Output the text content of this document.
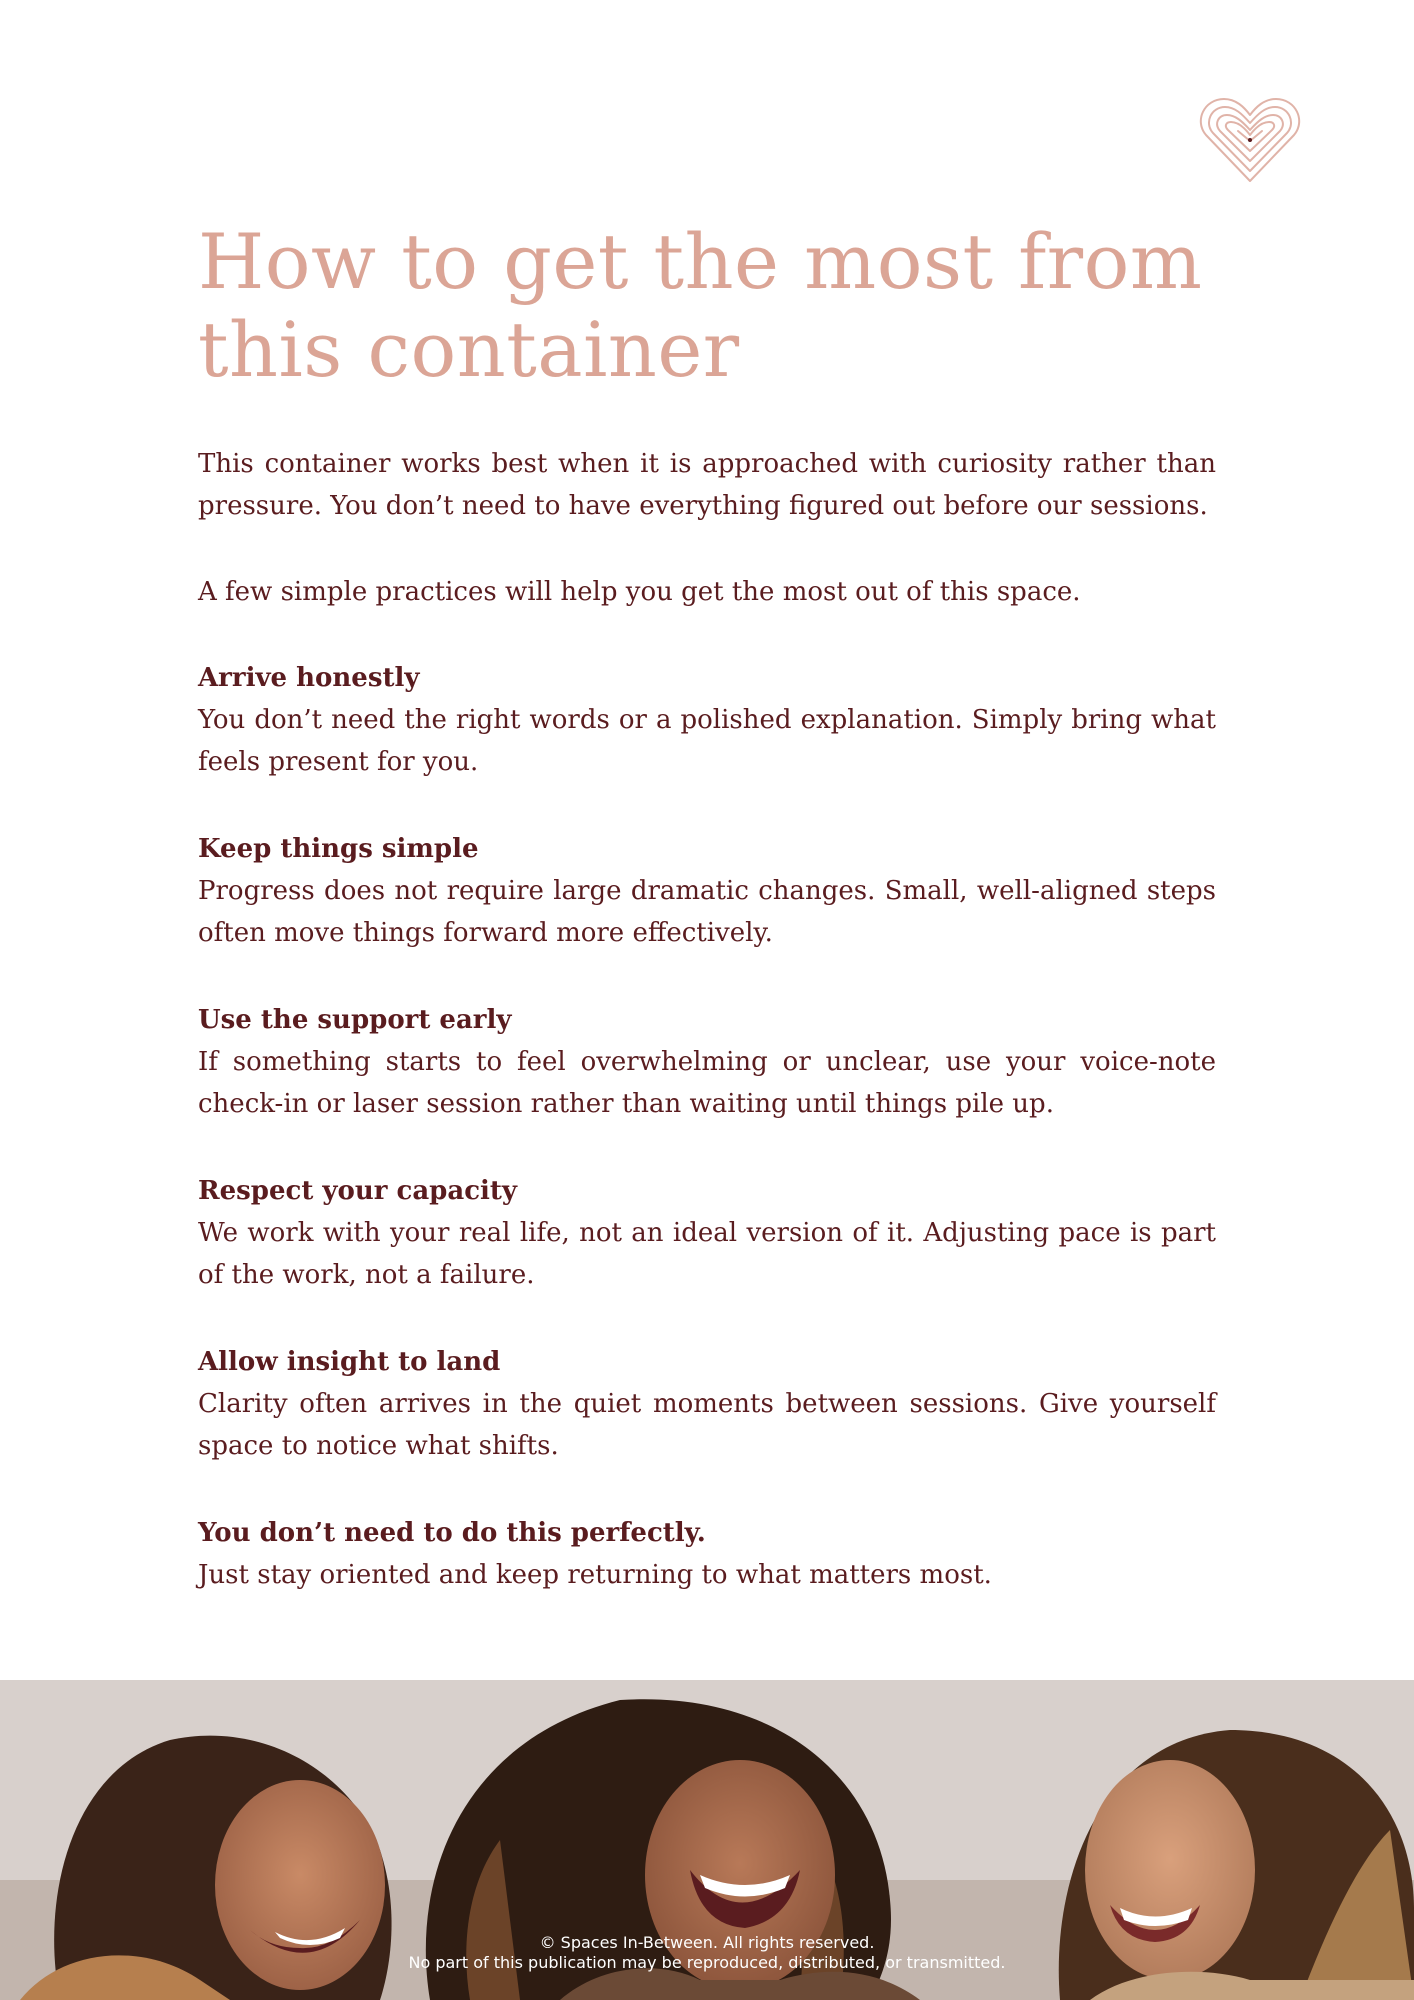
How to get the most from this container

This container works best when it is approached with curiosity rather than pressure. You don’t need to have everything figured out before our sessions.

A few simple practices will help you get the most out of this space.

Arrive honestly

You don’t need the right words or a polished explanation. Simply bring what feels present for you.

Keep things simple

Progress does not require large dramatic changes. Small, well-aligned steps often move things forward more effectively.

Use the support early

If something starts to feel overwhelming or unclear, use your voice-note check-in or laser session rather than waiting until things pile up.

Respect your capacity

We work with your real life, not an ideal version of it. Adjusting pace is part of the work, not a failure.

Allow insight to land

Clarity often arrives in the quiet moments between sessions. Give yourself space to notice what shifts.

You don’t need to do this perfectly.

Just stay oriented and keep returning to what matters most.

© Spaces In-Between. All rights reserved.
No part of this publication may be reproduced, distributed, or transmitted.
